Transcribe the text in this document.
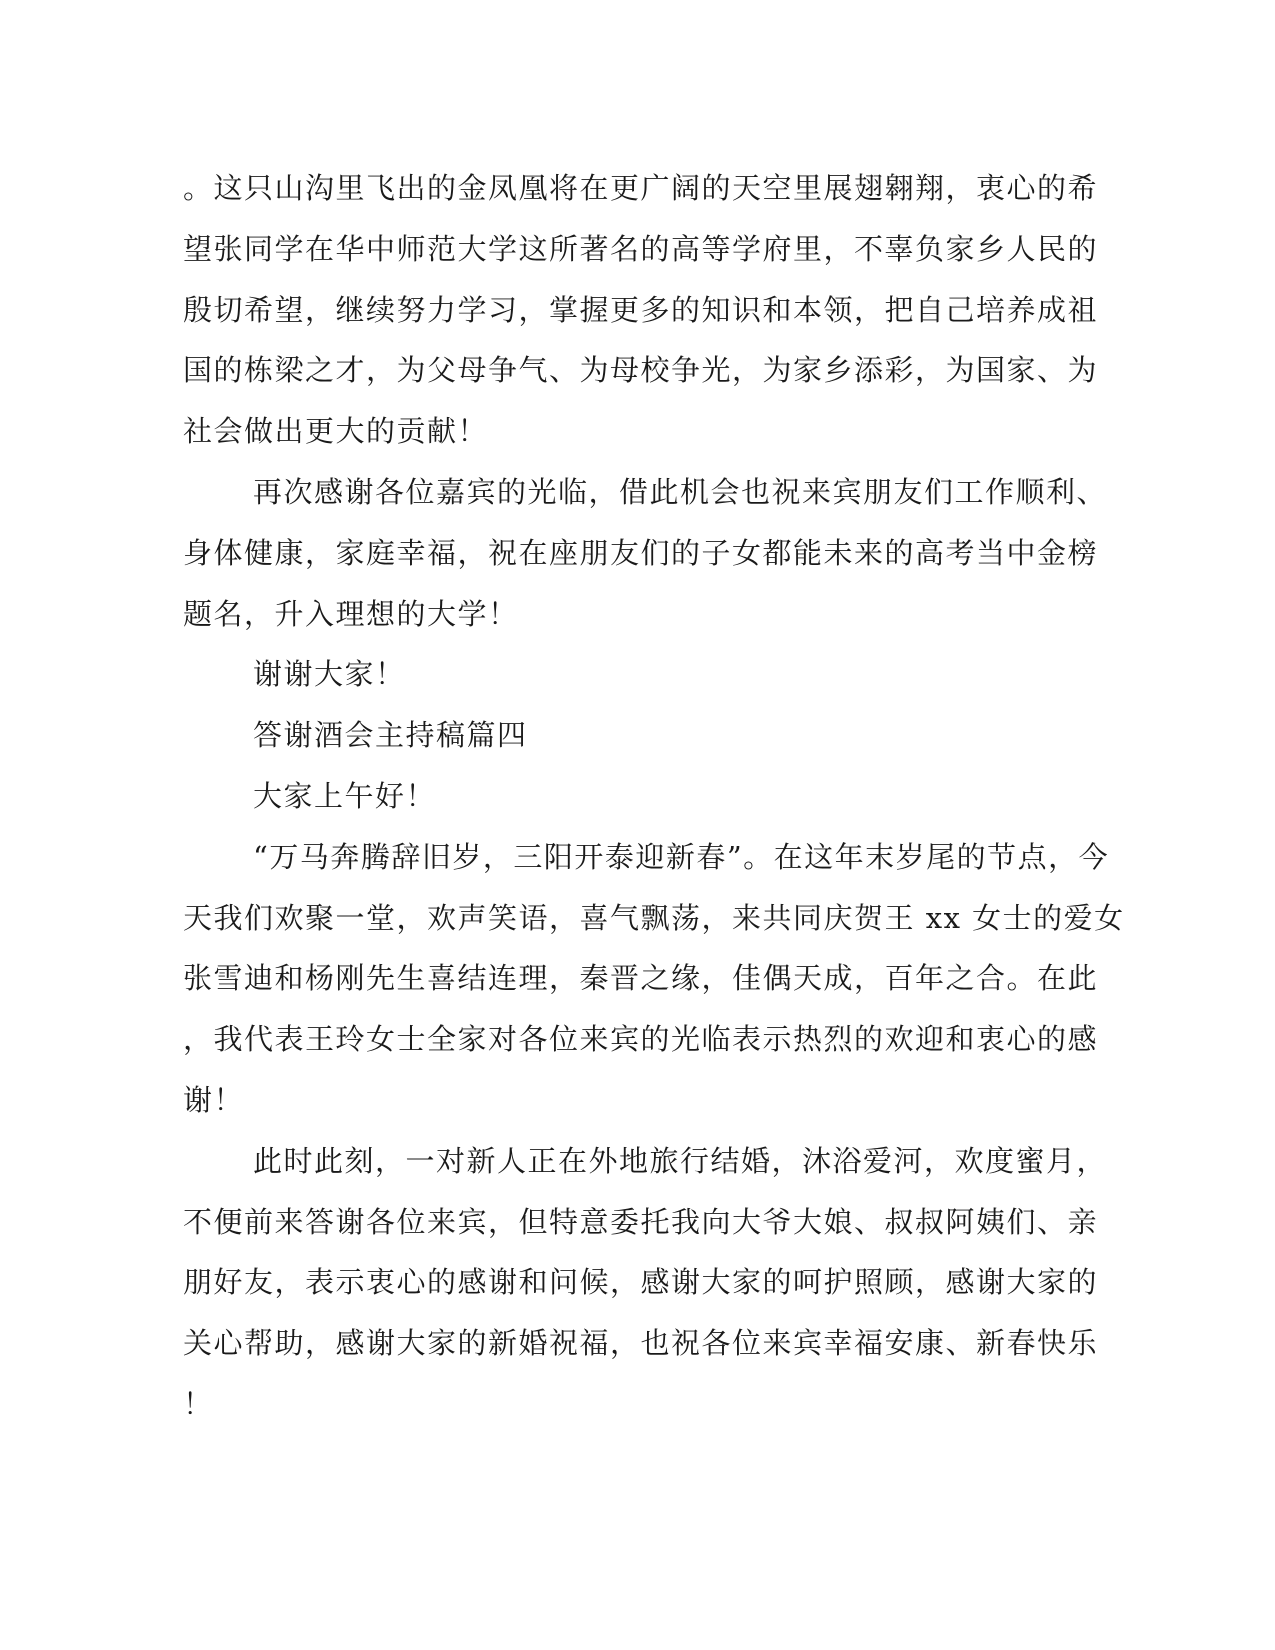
。这只山沟里飞出的金凤凰将在更广阔的天空里展翅翱翔，衷心的希
望张同学在华中师范大学这所著名的高等学府里，不辜负家乡人民的
殷切希望，继续努力学习，掌握更多的知识和本领，把自己培养成祖
国的栋梁之才，为父母争气、为母校争光，为家乡添彩，为国家、为
社会做出更大的贡献！
再次感谢各位嘉宾的光临，借此机会也祝来宾朋友们工作顺利、
身体健康，家庭幸福，祝在座朋友们的子女都能未来的高考当中金榜
题名，升入理想的大学！
谢谢大家！
答谢酒会主持稿篇四
大家上午好！
“万马奔腾辞旧岁，三阳开泰迎新春”。在这年末岁尾的节点，今
天我们欢聚一堂，欢声笑语，喜气飘荡，来共同庆贺王 xx 女士的爱女
张雪迪和杨刚先生喜结连理，秦晋之缘，佳偶天成，百年之合。在此
，我代表王玲女士全家对各位来宾的光临表示热烈的欢迎和衷心的感
谢！
此时此刻，一对新人正在外地旅行结婚，沐浴爱河，欢度蜜月，
不便前来答谢各位来宾，但特意委托我向大爷大娘、叔叔阿姨们、亲
朋好友，表示衷心的感谢和问候，感谢大家的呵护照顾，感谢大家的
关心帮助，感谢大家的新婚祝福，也祝各位来宾幸福安康、新春快乐
！
